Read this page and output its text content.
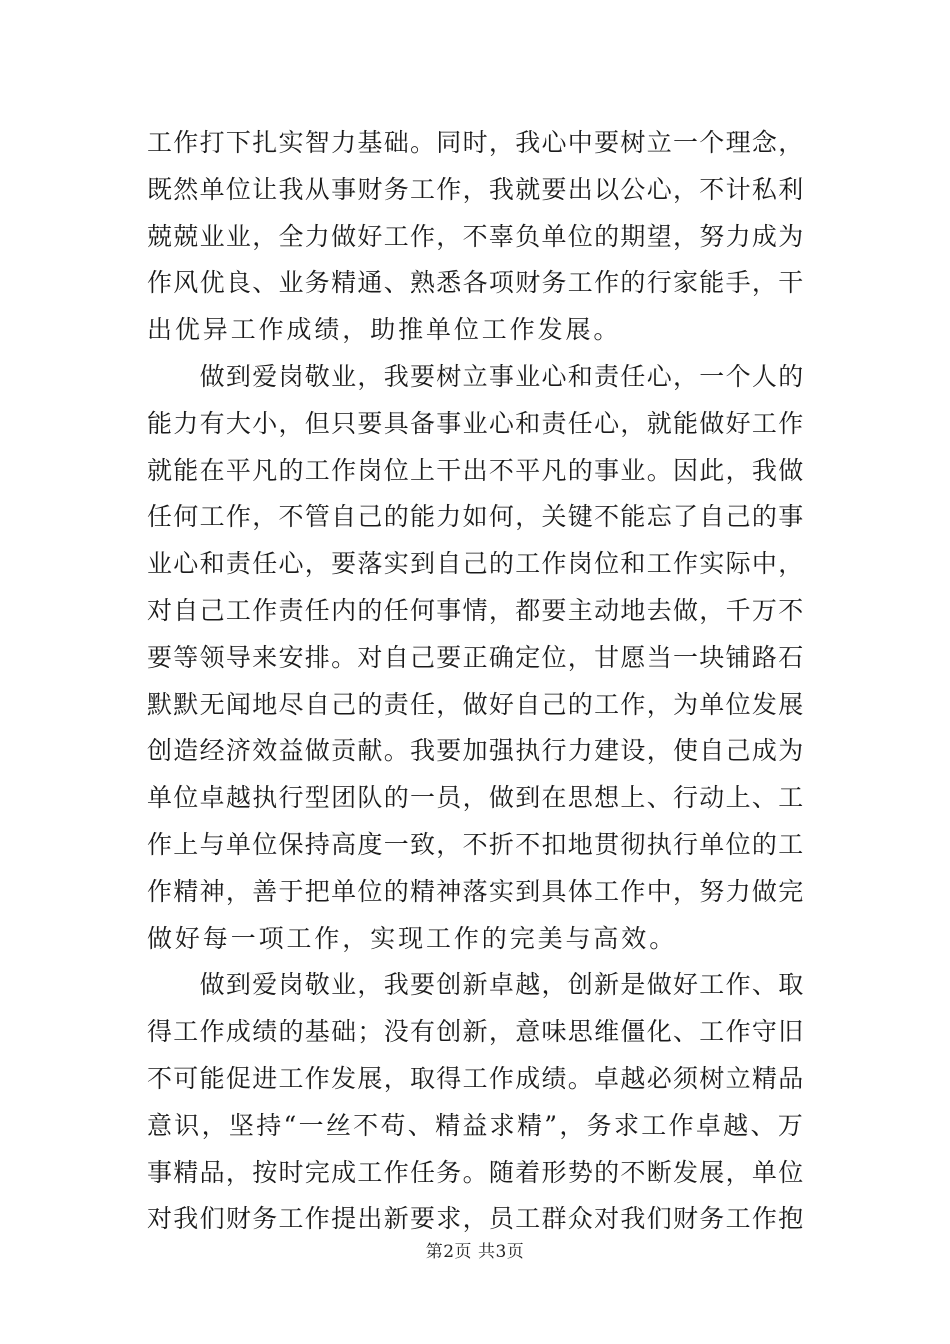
工作打下扎实智力基础。同时，我心中要树立一个理念，
既然单位让我从事财务工作，我就要出以公心，不计私利
兢兢业业，全力做好工作，不辜负单位的期望，努力成为
作风优良、业务精通、熟悉各项财务工作的行家能手，干
出优异工作成绩，助推单位工作发展。
　　做到爱岗敬业，我要树立事业心和责任心，一个人的
能力有大小，但只要具备事业心和责任心，就能做好工作
就能在平凡的工作岗位上干出不平凡的事业。因此，我做
任何工作，不管自己的能力如何，关键不能忘了自己的事
业心和责任心，要落实到自己的工作岗位和工作实际中，
对自己工作责任内的任何事情，都要主动地去做，千万不
要等领导来安排。对自己要正确定位，甘愿当一块铺路石
默默无闻地尽自己的责任，做好自己的工作，为单位发展
创造经济效益做贡献。我要加强执行力建设，使自己成为
单位卓越执行型团队的一员，做到在思想上、行动上、工
作上与单位保持高度一致，不折不扣地贯彻执行单位的工
作精神，善于把单位的精神落实到具体工作中，努力做完
做好每一项工作，实现工作的完美与高效。
　　做到爱岗敬业，我要创新卓越，创新是做好工作、取
得工作成绩的基础；没有创新，意味思维僵化、工作守旧
不可能促进工作发展，取得工作成绩。卓越必须树立精品
意识，坚持“一丝不苟、精益求精”，务求工作卓越、万
事精品，按时完成工作任务。随着形势的不断发展，单位
对我们财务工作提出新要求，员工群众对我们财务工作抱
第2页 共3页
